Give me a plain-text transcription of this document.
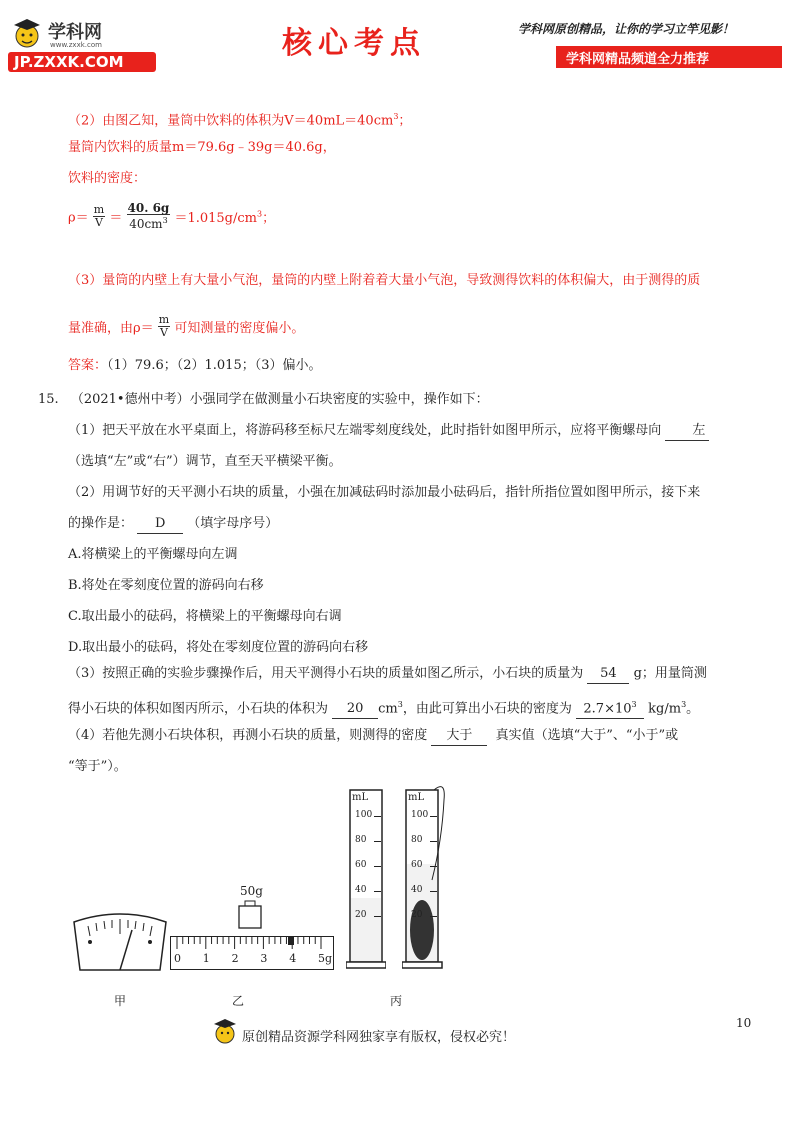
学科网
www.zxxk.com
JP.ZXXK.COM
核心考点	学科网原创精品，让你的学习立竿见影！
学科网精品频道全力推荐
（2）由图乙知，量筒中饮料的体积为$V=40mL=40cm^3$；
量筒内饮料的质量m＝79.6g﹣39g＝40.6g，
饮料的密度：
$\rho= \frac{m}{V} = \frac{40. 6g}{40cm^3} =1.015g/cm^3$；
（3）量筒的内壁上有大量小气泡，量筒的内壁上附着着大量小气泡，导致测得饮料的体积偏大，由于测得的质
量准确，由$\rho= \frac{m}{V}$ 可知测量的密度偏小。
答案：（1）79.6；（2）1.015；（3）偏小。
15. （2021•德州中考）小强同学在做测量小石块密度的实验中，操作如下：
（1）把天平放在水平桌面上，将游码移至标尺左端零刻度线处，此时指针如图甲所示，应将平衡螺母向 左
（选填“左”或“右”）调节，直至天平横梁平衡。
（2）用调节好的天平测小石块的质量，小强在加减砝码时添加最小砝码后，指针所指位置如图甲所示，接下来
的操作是： D （填字母序号）
A.将横梁上的平衡螺母向左调
B.将处在零刻度位置的游码向右移
C.取出最小的砝码，将横梁上的平衡螺母向右调
D.取出最小的砝码，将处在零刻度位置的游码向右移
（3）按照正确的实验步骤操作后，用天平测得小石块的质量如图乙所示，小石块的质量为 54 g；用量筒测
得小石块的体积如图丙所示，小石块的体积为 20 $cm^3$，由此可算出小石块的密度为 $2.7\times 10^3$ $kg/m^3$。
（4）若他先测小石块体积，再测小石块的质量，则测得的密度 大于 真实值（选填“大于”、“小于”或
“等于”）。
50g
0 1 2 3 4 5g
mL
100
80
60
40
20
mL
100
80
60
40
20
甲	乙	丙
原创精品资源学科网独家享有版权，侵权必究！
10
